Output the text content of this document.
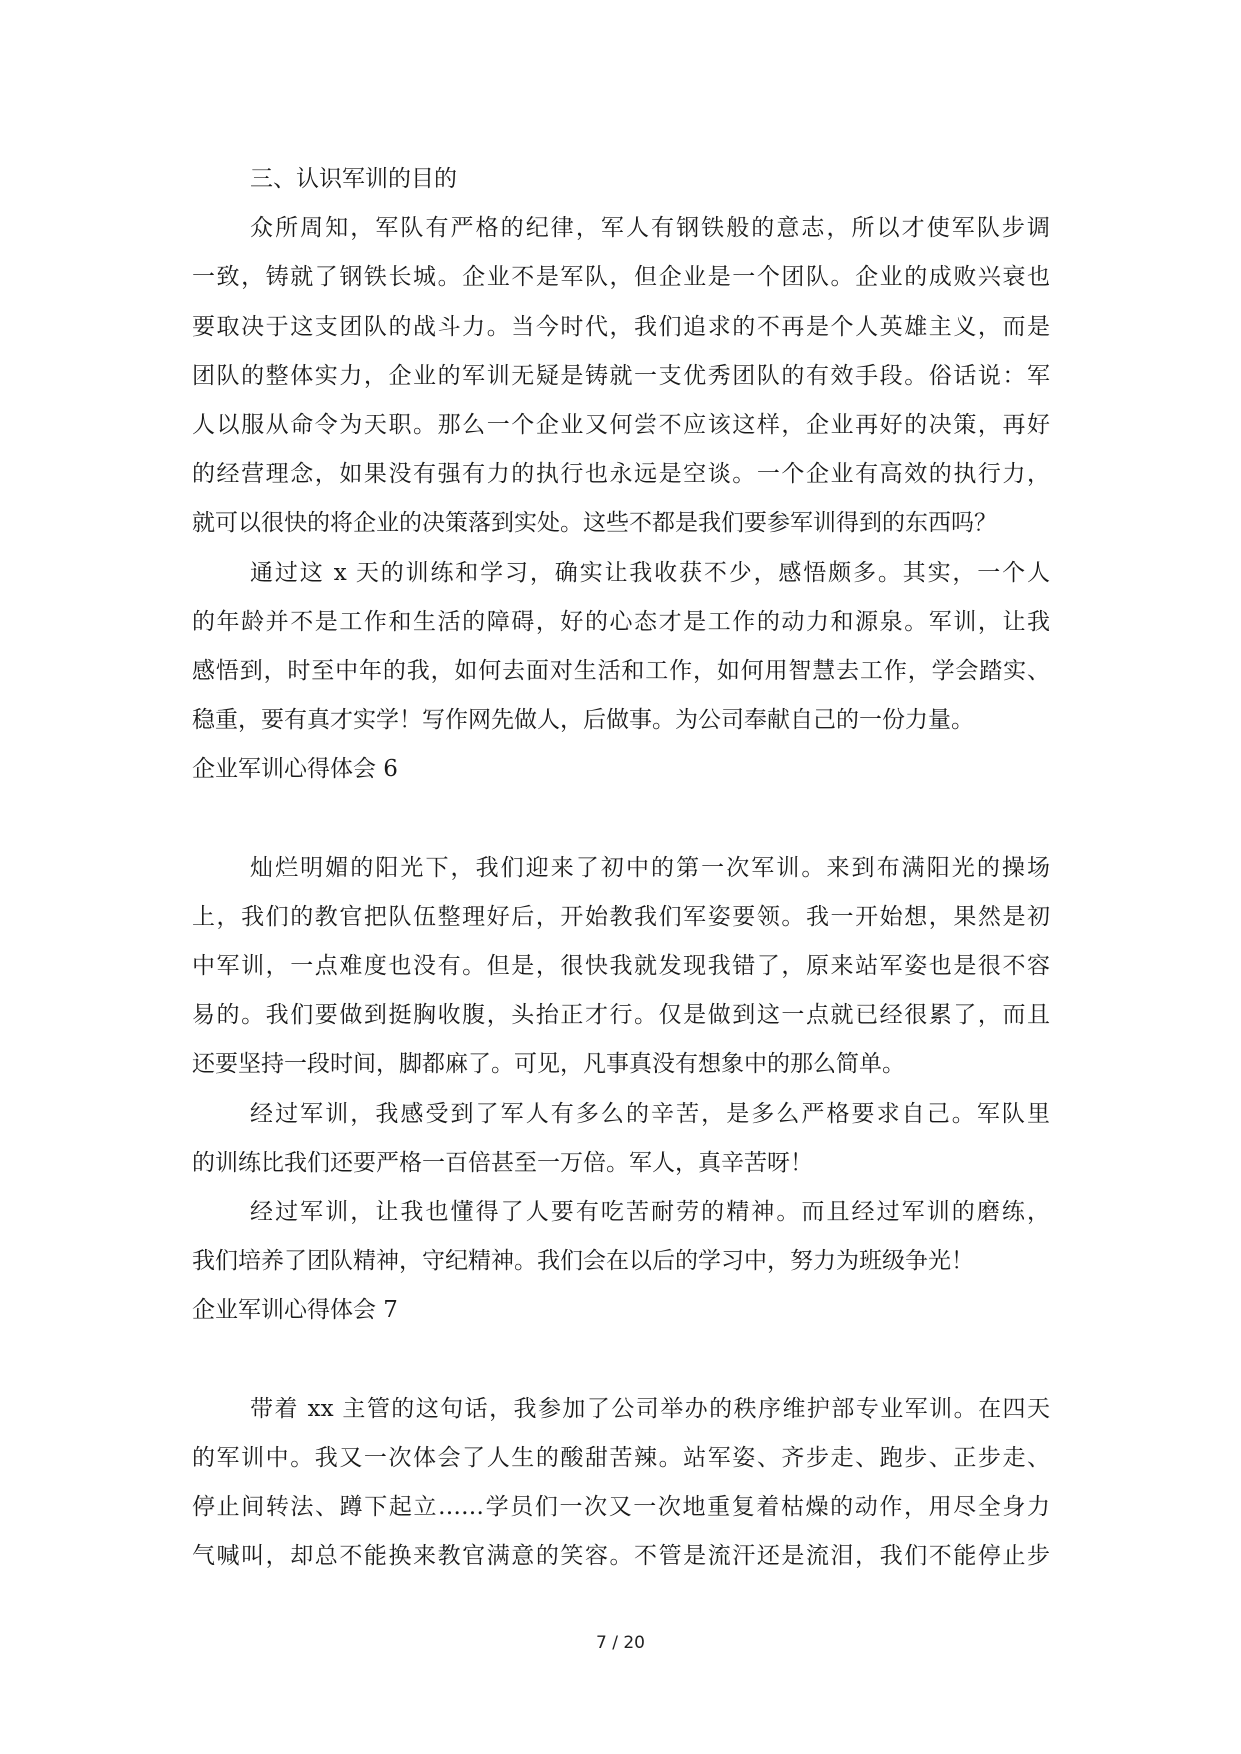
三、认识军训的目的
众所周知，军队有严格的纪律，军人有钢铁般的意志，所以才使军队步调
一致，铸就了钢铁长城。企业不是军队，但企业是一个团队。企业的成败兴衰也
要取决于这支团队的战斗力。当今时代，我们追求的不再是个人英雄主义，而是
团队的整体实力，企业的军训无疑是铸就一支优秀团队的有效手段。俗话说：军
人以服从命令为天职。那么一个企业又何尝不应该这样，企业再好的决策，再好
的经营理念，如果没有强有力的执行也永远是空谈。一个企业有高效的执行力，
就可以很快的将企业的决策落到实处。这些不都是我们要参军训得到的东西吗？
通过这 x 天的训练和学习，确实让我收获不少，感悟颇多。其实，一个人
的年龄并不是工作和生活的障碍，好的心态才是工作的动力和源泉。军训，让我
感悟到，时至中年的我，如何去面对生活和工作，如何用智慧去工作，学会踏实、
稳重，要有真才实学！写作网先做人，后做事。为公司奉献自己的一份力量。
企业军训心得体会 6
灿烂明媚的阳光下，我们迎来了初中的第一次军训。来到布满阳光的操场
上，我们的教官把队伍整理好后，开始教我们军姿要领。我一开始想，果然是初
中军训，一点难度也没有。但是，很快我就发现我错了，原来站军姿也是很不容
易的。我们要做到挺胸收腹，头抬正才行。仅是做到这一点就已经很累了，而且
还要坚持一段时间，脚都麻了。可见，凡事真没有想象中的那么简单。
经过军训，我感受到了军人有多么的辛苦，是多么严格要求自己。军队里
的训练比我们还要严格一百倍甚至一万倍。军人，真辛苦呀！
经过军训，让我也懂得了人要有吃苦耐劳的精神。而且经过军训的磨练，
我们培养了团队精神，守纪精神。我们会在以后的学习中，努力为班级争光！
企业军训心得体会 7
带着 xx 主管的这句话，我参加了公司举办的秩序维护部专业军训。在四天
的军训中。我又一次体会了人生的酸甜苦辣。站军姿、齐步走、跑步、正步走、
停止间转法、蹲下起立……学员们一次又一次地重复着枯燥的动作，用尽全身力
气喊叫，却总不能换来教官满意的笑容。不管是流汗还是流泪，我们不能停止步
7 / 20
